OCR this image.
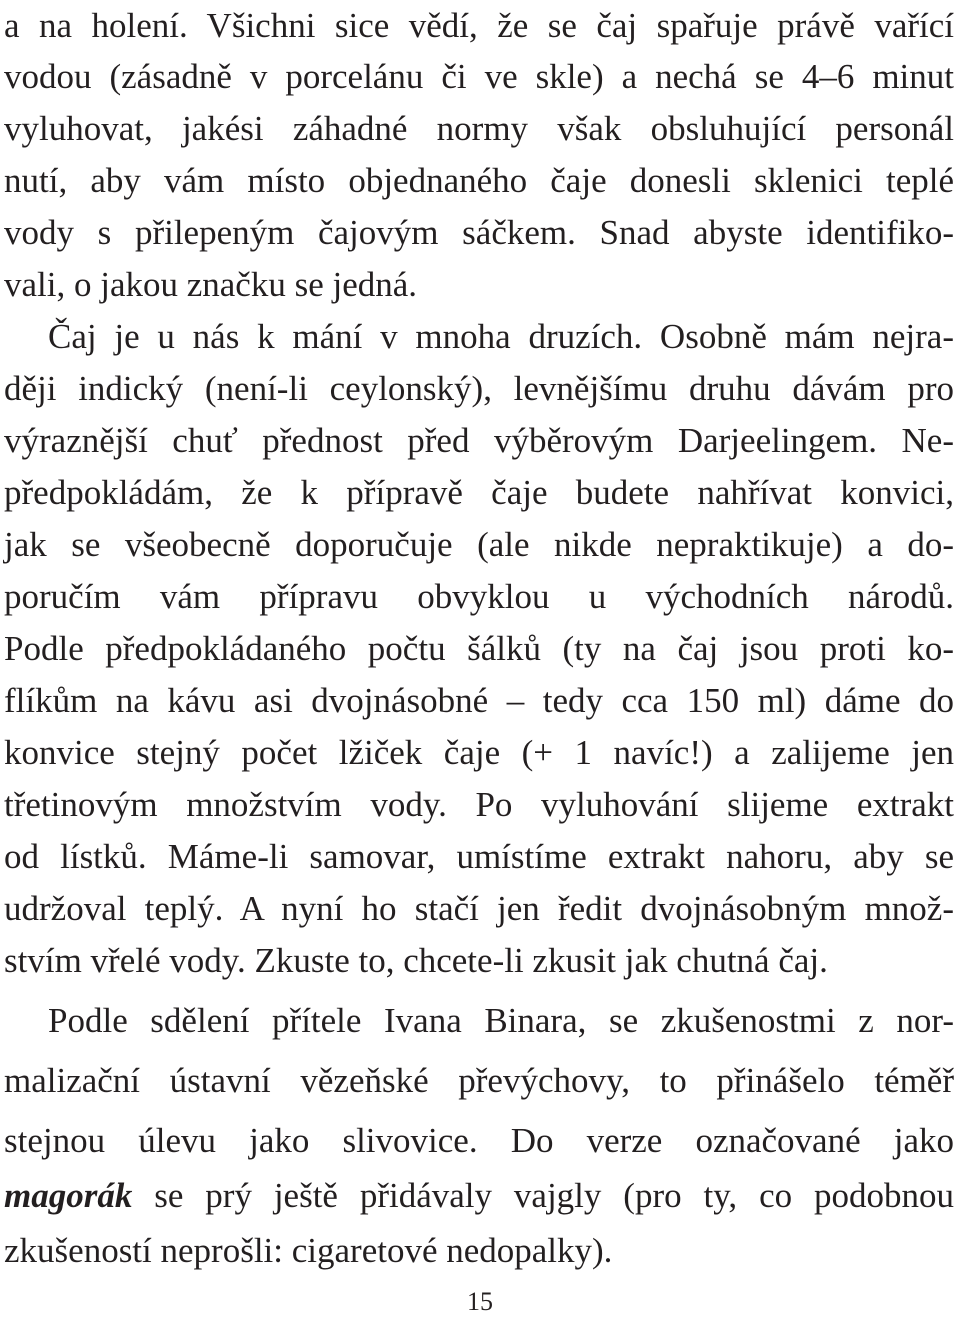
a na holení. Všichni sice vědí, že se čaj spařuje právě vařící
vodou (zásadně v porcelánu či ve skle) a nechá se 4–6 minut
vyluhovat, jakési záhadné normy však obsluhující personál
nutí, aby vám místo objednaného čaje donesli sklenici teplé
vody s přilepeným čajovým sáčkem. Snad abyste identifiko-
vali, o jakou značku se jedná.
Čaj je u nás k mání v mnoha druzích. Osobně mám nejra-
ději indický (není-li ceylonský), levnějšímu druhu dávám pro
výraznější chuť přednost před výběrovým Darjeelingem. Ne-
předpokládám, že k přípravě čaje budete nahřívat konvici,
jak se všeobecně doporučuje (ale nikde nepraktikuje) a do-
poručím vám přípravu obvyklou u východních národů.
Podle předpokládaného počtu šálků (ty na čaj jsou proti ko-
flíkům na kávu asi dvojnásobné – tedy cca 150 ml) dáme do
konvice stejný počet lžiček čaje (+ 1 navíc!) a zalijeme jen
třetinovým množstvím vody. Po vyluhování slijeme extrakt
od lístků. Máme-li samovar, umístíme extrakt nahoru, aby se
udržoval teplý. A nyní ho stačí jen ředit dvojnásobným množ-
stvím vřelé vody. Zkuste to, chcete-li zkusit jak chutná čaj.
Podle sdělení přítele Ivana Binara, se zkušenostmi z nor-
malizační ústavní vězeňské převýchovy, to přinášelo téměř
stejnou úlevu jako slivovice. Do verze označované jako
magorák se prý ještě přidávaly vajgly (pro ty, co podobnou
zkušeností neprošli: cigaretové nedopalky).
15
